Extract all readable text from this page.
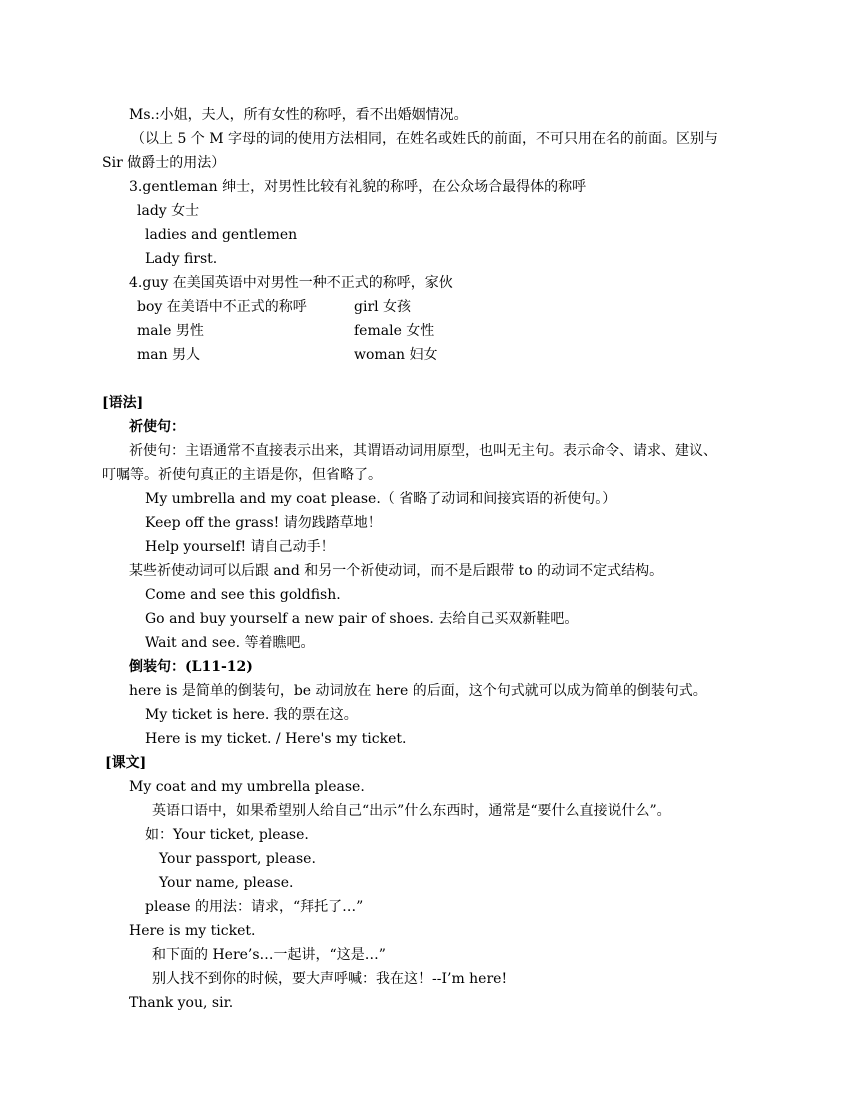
Ms.:小姐，夫人，所有女性的称呼，看不出婚姻情况。
（以上 5 个 M 字母的词的使用方法相同，在姓名或姓氏的前面，不可只用在名的前面。区别与
Sir 做爵士的用法）
3.gentleman 绅士，对男性比较有礼貌的称呼，在公众场合最得体的称呼
lady 女士
ladies and gentlemen
Lady first.
4.guy 在美国英语中对男性一种不正式的称呼，家伙
boy 在美语中不正式的称呼	girl 女孩
male 男性	female 女性
man 男人	woman 妇女
[语法]
祈使句：
祈使句：主语通常不直接表示出来，其谓语动词用原型，也叫无主句。表示命令、请求、建议、
叮嘱等。祈使句真正的主语是你，但省略了。
My umbrella and my coat please.（ 省略了动词和间接宾语的祈使句。）
Keep off the grass! 请勿践踏草地！
Help yourself! 请自己动手！
某些祈使动词可以后跟 and 和另一个祈使动词，而不是后跟带 to 的动词不定式结构。
Come and see this goldfish.
Go and buy yourself a new pair of shoes. 去给自己买双新鞋吧。
Wait and see. 等着瞧吧。
倒装句：(L11-12)
here is 是简单的倒装句，be 动词放在 here 的后面，这个句式就可以成为简单的倒装句式。
My ticket is here. 我的票在这。
Here is my ticket. / Here's my ticket.
[课文]
My coat and my umbrella please.
英语口语中，如果希望别人给自己“出示”什么东西时，通常是“要什么直接说什么”。
如：Your ticket, please.
Your passport, please.
Your name, please.
please 的用法：请求，“拜托了…”
Here is my ticket.
和下面的 Here’s…一起讲，“这是…”
别人找不到你的时候，要大声呼喊：我在这！--I’m here!
Thank you, sir.
